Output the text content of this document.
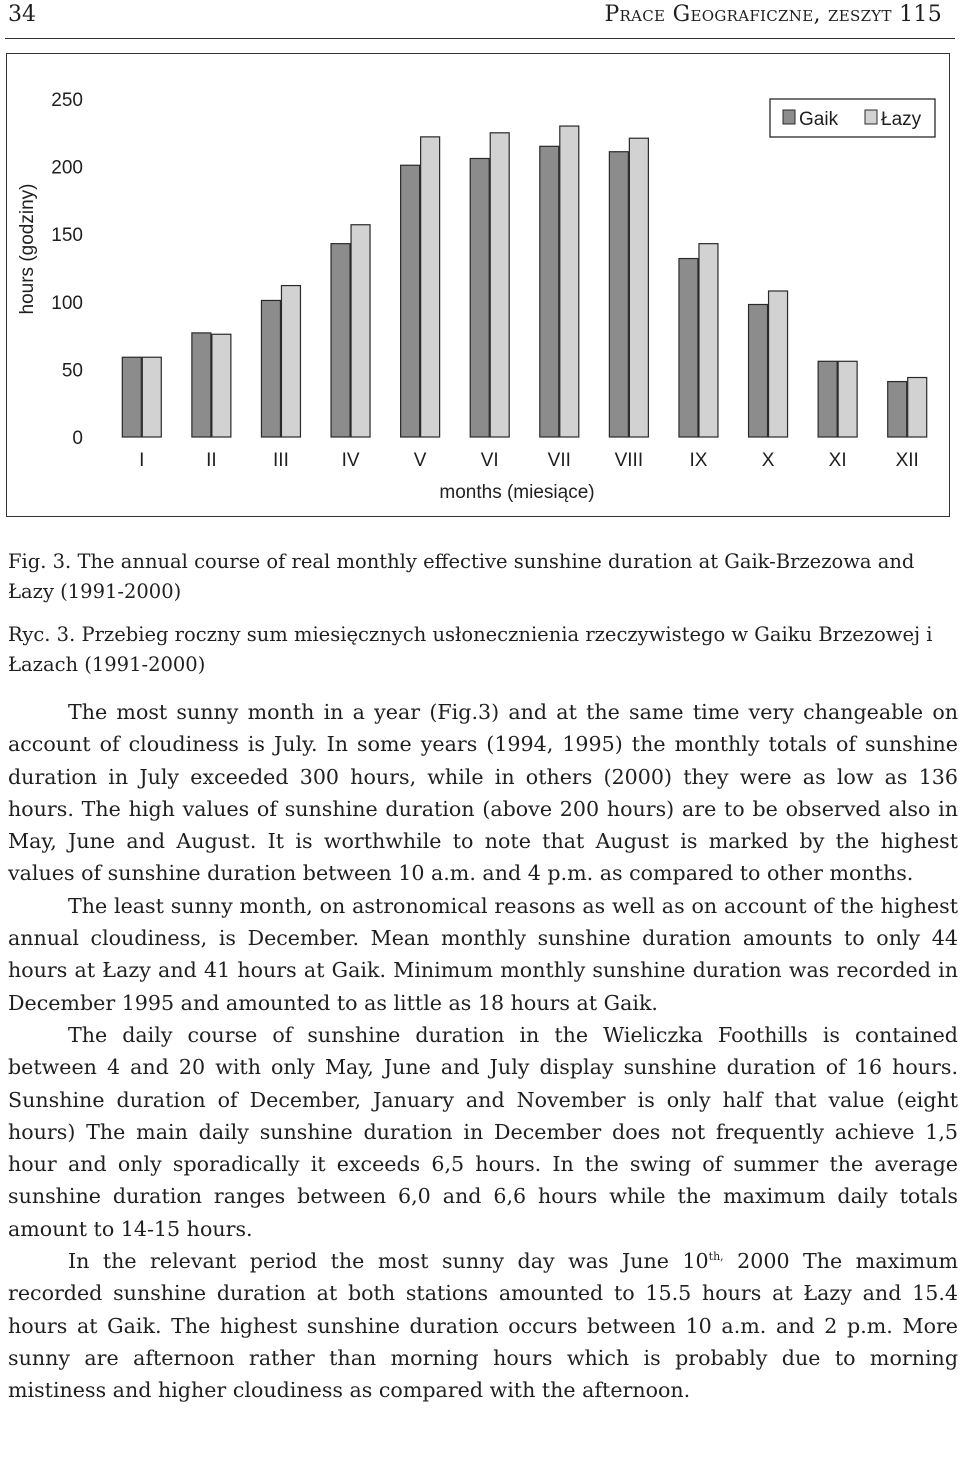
34	Prace Geograficzne, zeszyt 115
0
50
100
150
200
250
hours (godziny)
I	II	III	IV	V	VI	VII VIII IX	X	XI	XII
months (miesiące)
Gaik Łazy

Fig. 3. The annual course of real monthly effective sunshine duration at Gaik-Brzezowa and Łazy (1991-2000)

Ryc. 3. Przebieg roczny sum miesięcznych usłonecznienia rzeczywistego w Gaiku Brzezowej i Łazach (1991-2000)

The most sunny month in a year (Fig.3) and at the same time very changeable on account of cloudiness is July. In some years (1994, 1995) the monthly totals of sunshine duration in July exceeded 300 hours, while in others (2000) they were as low as 136 hours. The high values of sunshine duration (above 200 hours) are to be observed also in May, June and August. It is worthwhile to note that August is marked by the highest values of sunshine duration between 10 a.m. and 4 p.m. as compared to other months.

The least sunny month, on astronomical reasons as well as on account of the highest annual cloudiness, is December. Mean monthly sunshine duration amounts to only 44 hours at Łazy and 41 hours at Gaik. Minimum monthly sunshine duration was recorded in December 1995 and amounted to as little as 18 hours at Gaik.

The daily course of sunshine duration in the Wieliczka Foothills is contained between 4 and 20 with only May, June and July display sunshine duration of 16 hours. Sunshine duration of December, January and November is only half that value (eight hours) The main daily sunshine duration in December does not frequently achieve 1,5 hour and only sporadically it exceeds 6,5 hours. In the swing of summer the average sunshine duration ranges between 6,0 and 6,6 hours while the maximum daily totals amount to 14-15 hours.

In the relevant period the most sunny day was June $10^{th,}$ 2000 The maximum recorded sunshine duration at both stations amounted to 15.5 hours at Łazy and 15.4 hours at Gaik. The highest sunshine duration occurs between 10 a.m. and 2 p.m. More sunny are afternoon rather than morning hours which is probably due to morning mistiness and higher cloudiness as compared with the afternoon.
